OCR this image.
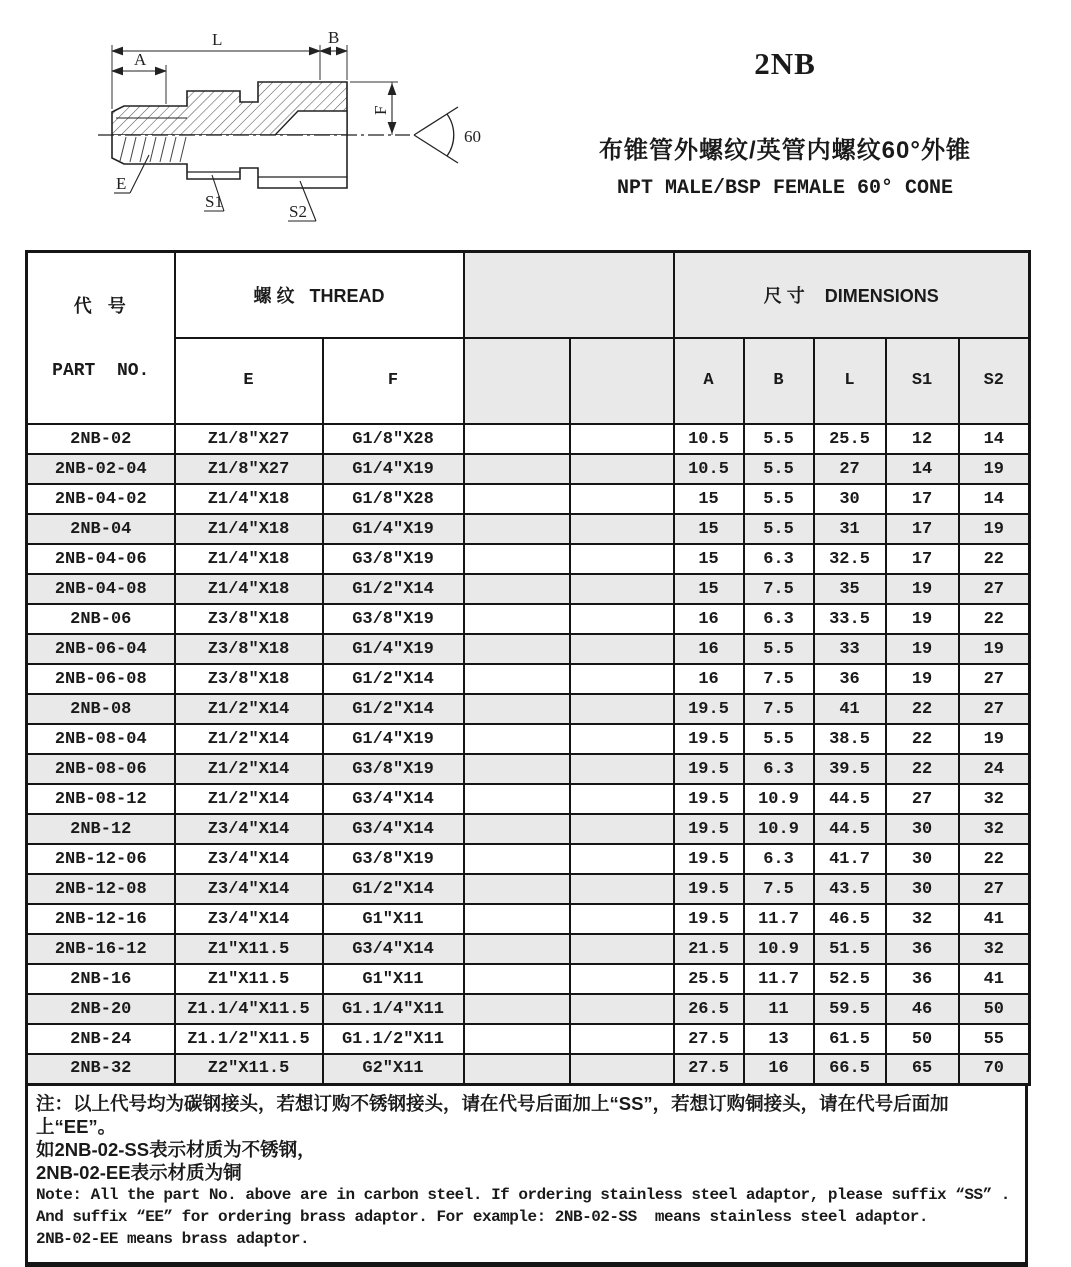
L	B
A
E
S1
S2
F
60
2NB
布锥管外螺纹/英管内螺纹60°外锥
NPT MALE/BSP FEMALE 60° CONE

代  号

PART  NO.	螺 纹   THREAD				尺 寸    DIMENSIONS				
	E	F			A	B	L	S1	S2
2NB-02	Z1/8″X27	G1/8″X28			10.5	5.5	25.5	12	14
2NB-02-04	Z1/8″X27	G1/4″X19			10.5	5.5	27	14	19
2NB-04-02	Z1/4″X18	G1/8″X28			15	5.5	30	17	14
2NB-04	Z1/4″X18	G1/4″X19			15	5.5	31	17	19
2NB-04-06	Z1/4″X18	G3/8″X19			15	6.3	32.5	17	22
2NB-04-08	Z1/4″X18	G1/2″X14			15	7.5	35	19	27
2NB-06	Z3/8″X18	G3/8″X19			16	6.3	33.5	19	22
2NB-06-04	Z3/8″X18	G1/4″X19			16	5.5	33	19	19
2NB-06-08	Z3/8″X18	G1/2″X14			16	7.5	36	19	27
2NB-08	Z1/2″X14	G1/2″X14			19.5	7.5	41	22	27
2NB-08-04	Z1/2″X14	G1/4″X19			19.5	5.5	38.5	22	19
2NB-08-06	Z1/2″X14	G3/8″X19			19.5	6.3	39.5	22	24
2NB-08-12	Z1/2″X14	G3/4″X14			19.5	10.9	44.5	27	32
2NB-12	Z3/4″X14	G3/4″X14			19.5	10.9	44.5	30	32
2NB-12-06	Z3/4″X14	G3/8″X19			19.5	6.3	41.7	30	22
2NB-12-08	Z3/4″X14	G1/2″X14			19.5	7.5	43.5	30	27
2NB-12-16	Z3/4″X14	G1″X11			19.5	11.7	46.5	32	41
2NB-16-12	Z1″X11.5	G3/4″X14			21.5	10.9	51.5	36	32
2NB-16	Z1″X11.5	G1″X11			25.5	11.7	52.5	36	41
2NB-20	Z1.1/4″X11.5	G1.1/4″X11			26.5	11	59.5	46	50
2NB-24	Z1.1/2″X11.5	G1.1/2″X11			27.5	13	61.5	50	55
2NB-32	Z2″X11.5	G2″X11			27.5	16	66.5	65	70
注：以上代号均为碳钢接头，若想订购不锈钢接头，请在代号后面加上“SS”，若想订购铜接头，请在代号后面加上“EE”。
如2NB-02-SS表示材质为不锈钢，
2NB-02-EE表示材质为铜
Note: All the part No. above are in carbon steel. If ordering stainless steel adaptor, please suffix “SS” .
And suffix “EE” for ordering brass adaptor. For example: 2NB-02-SS  means stainless steel adaptor.
2NB-02-EE means brass adaptor.
